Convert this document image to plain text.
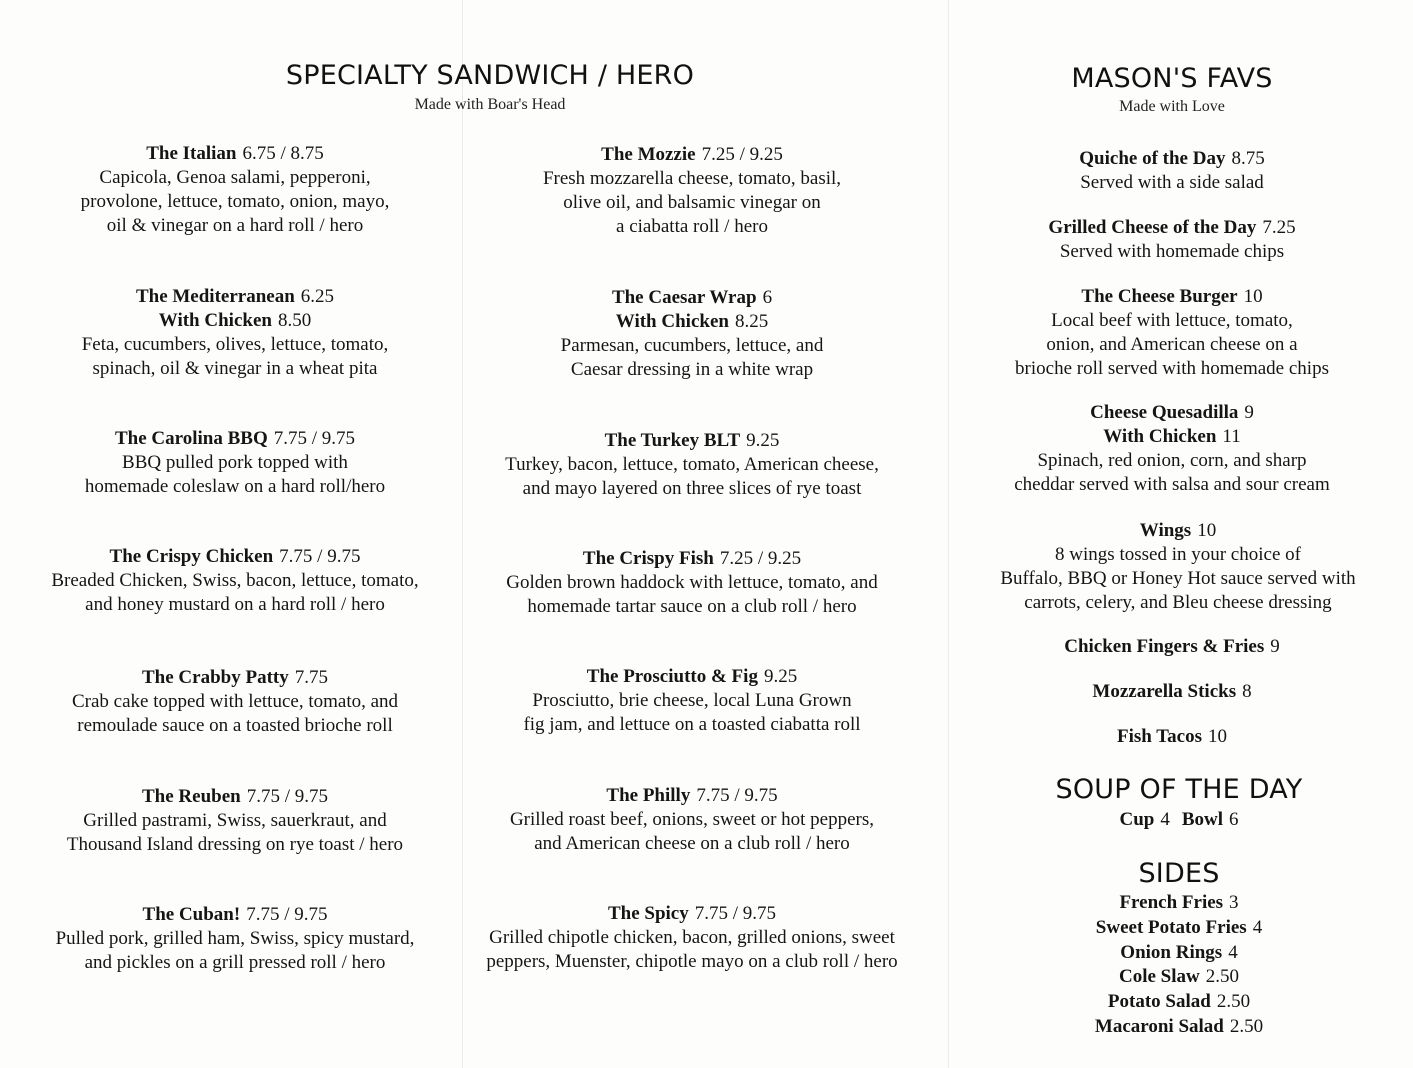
SPECIALTY SANDWICH / HERO
Made with Boar's Head
The Italian 6.75 / 8.75
Capicola, Genoa salami, pepperoni,
provolone, lettuce, tomato, onion, mayo,
oil & vinegar on a hard roll / hero
The Mediterranean 6.25
With Chicken 8.50
Feta, cucumbers, olives, lettuce, tomato,
spinach, oil & vinegar in a wheat pita
The Carolina BBQ 7.75 / 9.75
BBQ pulled pork topped with
homemade coleslaw on a hard roll/hero
The Crispy Chicken 7.75 / 9.75
Breaded Chicken, Swiss, bacon, lettuce, tomato,
and honey mustard on a hard roll / hero
The Crabby Patty 7.75
Crab cake topped with lettuce, tomato, and
remoulade sauce on a toasted brioche roll
The Reuben 7.75 / 9.75
Grilled pastrami, Swiss, sauerkraut, and
Thousand Island dressing on rye toast / hero
The Cuban! 7.75 / 9.75
Pulled pork, grilled ham, Swiss, spicy mustard,
and pickles on a grill pressed roll / hero
The Mozzie 7.25 / 9.25
Fresh mozzarella cheese, tomato, basil,
olive oil, and balsamic vinegar on
a ciabatta roll / hero
The Caesar Wrap 6
With Chicken 8.25
Parmesan, cucumbers, lettuce, and
Caesar dressing in a white wrap
The Turkey BLT 9.25
Turkey, bacon, lettuce, tomato, American cheese,
and mayo layered on three slices of rye toast
The Crispy Fish 7.25 / 9.25
Golden brown haddock with lettuce, tomato, and
homemade tartar sauce on a club roll / hero
The Prosciutto & Fig 9.25
Prosciutto, brie cheese, local Luna Grown
fig jam, and lettuce on a toasted ciabatta roll
The Philly 7.75 / 9.75
Grilled roast beef, onions, sweet or hot peppers,
and American cheese on a club roll / hero
The Spicy 7.75 / 9.75
Grilled chipotle chicken, bacon, grilled onions, sweet
peppers, Muenster, chipotle mayo on a club roll / hero
MASON'S FAVS
Made with Love
Quiche of the Day 8.75
Served with a side salad
Grilled Cheese of the Day 7.25
Served with homemade chips
The Cheese Burger 10
Local beef with lettuce, tomato,
onion, and American cheese on a
brioche roll served with homemade chips
Cheese Quesadilla 9
With Chicken 11
Spinach, red onion, corn, and sharp
cheddar served with salsa and sour cream
Wings 10
8 wings tossed in your choice of
Buffalo, BBQ or Honey Hot sauce served with
carrots, celery, and Bleu cheese dressing
Chicken Fingers & Fries 9
Mozzarella Sticks 8
Fish Tacos 10
SOUP OF THE DAY
Cup 4 Bowl 6
SIDES
French Fries 3
Sweet Potato Fries 4
Onion Rings 4
Cole Slaw 2.50
Potato Salad 2.50
Macaroni Salad 2.50
